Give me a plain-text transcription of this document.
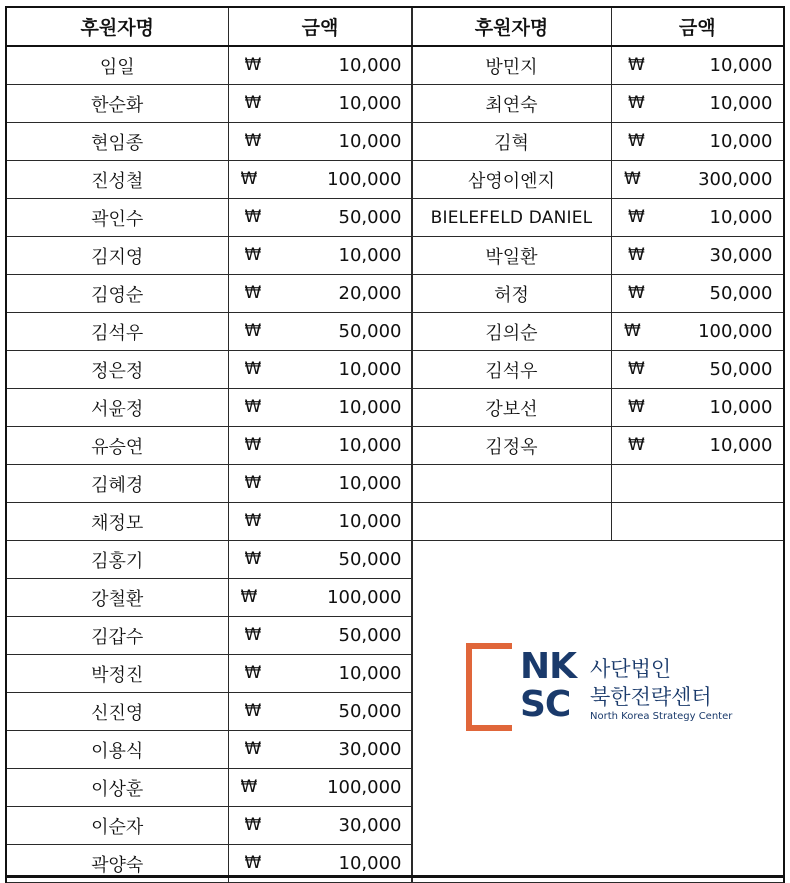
후원자명	금액
임일	₩ 10,000

한순화	₩ 10,000

현임종	₩ 10,000

진성철	₩ 100,000

곽인수	₩ 50,000

김지영	₩ 10,000

김영순	₩ 20,000

김석우	₩ 50,000

정은정	₩ 10,000

서윤정	₩ 10,000

유승연	₩ 10,000

김혜경	₩ 10,000

채정모	₩ 10,000

김홍기	₩ 50,000

강철환	₩ 100,000

김갑수	₩ 50,000

박정진	₩ 10,000

신진영	₩ 50,000

이용식	₩ 30,000

이상훈	₩ 100,000

이순자	₩ 30,000

곽양숙	₩ 10,000
후원자명	금액
방민지	₩ 10,000

최연숙	₩ 10,000

김혁	₩ 10,000

삼영이엔지	₩ 300,000

BIELEFELD DANIEL	₩ 10,000

박일환	₩ 30,000

허정	₩ 50,000

김의순	₩ 100,000

김석우	₩ 50,000

강보선	₩ 10,000

김정옥	₩ 10,000

NK
SC
사단법인
북한전략센터
North Korea Strategy Center
